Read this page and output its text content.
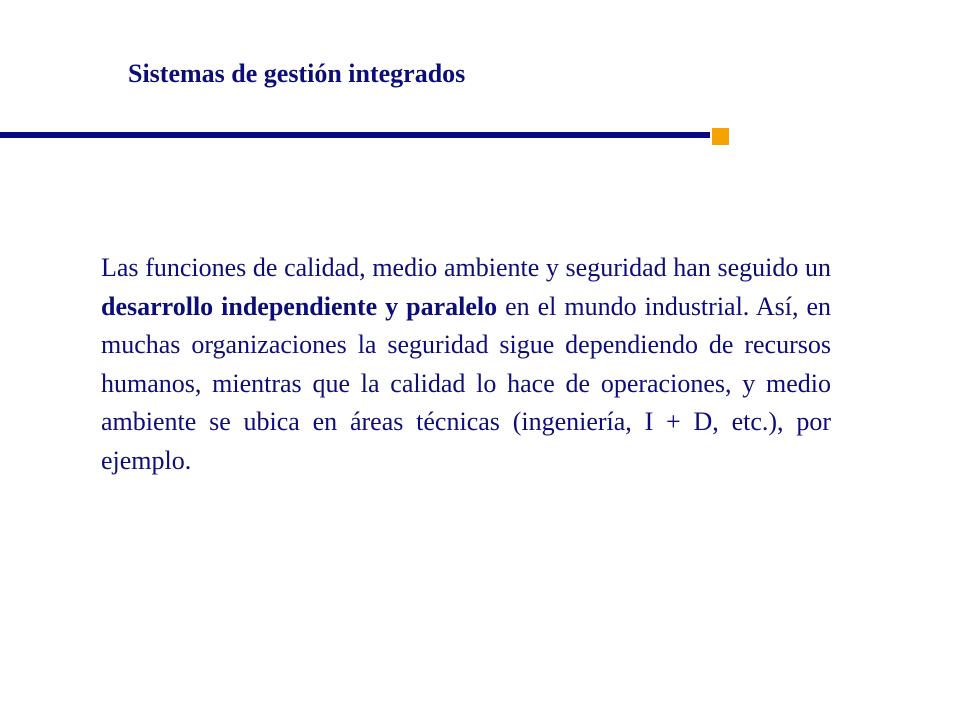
Sistemas de gestión integrados

Las funciones de calidad, medio ambiente y seguridad han seguido un desarrollo independiente y paralelo en el mundo industrial. Así, en muchas organizaciones la seguridad sigue dependiendo de recursos humanos, mientras que la calidad lo hace de operaciones, y medio ambiente se ubica en áreas técnicas (ingeniería, I + D, etc.), por ejemplo.
